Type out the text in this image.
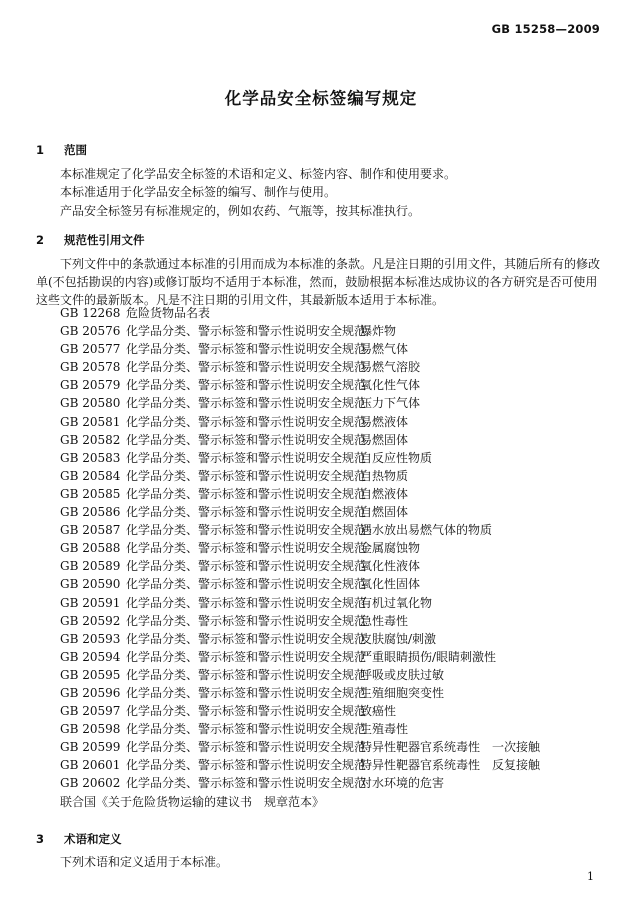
GB 15258—2009
化学品安全标签编写规定
1 范围
本标准规定了化学品安全标签的术语和定义、标签内容、制作和使用要求。
本标准适用于化学品安全标签的编写、制作与使用。
产品安全标签另有标准规定的，例如农药、气瓶等，按其标准执行。
2 规范性引用文件
下列文件中的条款通过本标准的引用而成为本标准的条款。凡是注日期的引用文件，其随后所有的修改单(不包括勘误的内容)或修订版均不适用于本标准，然而，鼓励根据本标准达成协议的各方研究是否可使用这些文件的最新版本。凡是不注日期的引用文件，其最新版本适用于本标准。
GB 12268 危险货物品名表
GB 20576 化学品分类、警示标签和警示性说明安全规范爆炸物
GB 20577 化学品分类、警示标签和警示性说明安全规范易燃气体
GB 20578 化学品分类、警示标签和警示性说明安全规范易燃气溶胶
GB 20579 化学品分类、警示标签和警示性说明安全规范氧化性气体
GB 20580 化学品分类、警示标签和警示性说明安全规范压力下气体
GB 20581 化学品分类、警示标签和警示性说明安全规范易燃液体
GB 20582 化学品分类、警示标签和警示性说明安全规范易燃固体
GB 20583 化学品分类、警示标签和警示性说明安全规范自反应性物质
GB 20584 化学品分类、警示标签和警示性说明安全规范自热物质
GB 20585 化学品分类、警示标签和警示性说明安全规范自燃液体
GB 20586 化学品分类、警示标签和警示性说明安全规范自燃固体
GB 20587 化学品分类、警示标签和警示性说明安全规范遇水放出易燃气体的物质
GB 20588 化学品分类、警示标签和警示性说明安全规范金属腐蚀物
GB 20589 化学品分类、警示标签和警示性说明安全规范氧化性液体
GB 20590 化学品分类、警示标签和警示性说明安全规范氧化性固体
GB 20591 化学品分类、警示标签和警示性说明安全规范有机过氧化物
GB 20592 化学品分类、警示标签和警示性说明安全规范急性毒性
GB 20593 化学品分类、警示标签和警示性说明安全规范皮肤腐蚀/刺激
GB 20594 化学品分类、警示标签和警示性说明安全规范严重眼睛损伤/眼睛刺激性
GB 20595 化学品分类、警示标签和警示性说明安全规范呼吸或皮肤过敏
GB 20596 化学品分类、警示标签和警示性说明安全规范生殖细胞突变性
GB 20597 化学品分类、警示标签和警示性说明安全规范致癌性
GB 20598 化学品分类、警示标签和警示性说明安全规范生殖毒性
GB 20599 化学品分类、警示标签和警示性说明安全规范特异性靶器官系统毒性　一次接触
GB 20601 化学品分类、警示标签和警示性说明安全规范特异性靶器官系统毒性　反复接触
GB 20602 化学品分类、警示标签和警示性说明安全规范对水环境的危害
联合国《关于危险货物运输的建议书　规章范本》
3 术语和定义
下列术语和定义适用于本标准。
1
